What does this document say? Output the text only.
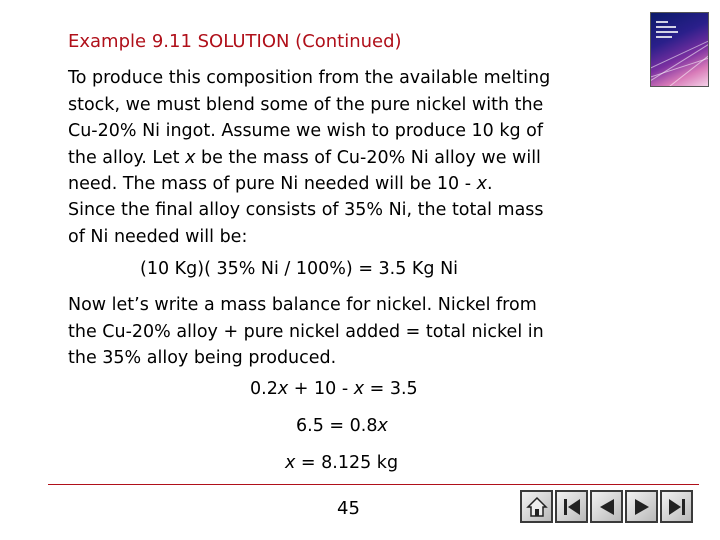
Example 9.11 SOLUTION (Continued)

To produce this composition from the available melting
stock, we must blend some of the pure nickel with the
Cu-20% Ni ingot. Assume we wish to produce 10 kg of
the alloy. Let x be the mass of Cu-20% Ni alloy we will
need. The mass of pure Ni needed will be 10 - x.

Since the final alloy consists of 35% Ni, the total mass
of Ni needed will be:

(10 Kg)( 35% Ni / 100%) = 3.5 Kg Ni

Now let’s write a mass balance for nickel. Nickel from
the Cu-20% alloy + pure nickel added = total nickel in
the 35% alloy being produced.

0.2x + 10 - x = 3.5
6.5 = 0.8x
x = 8.125 kg
45
